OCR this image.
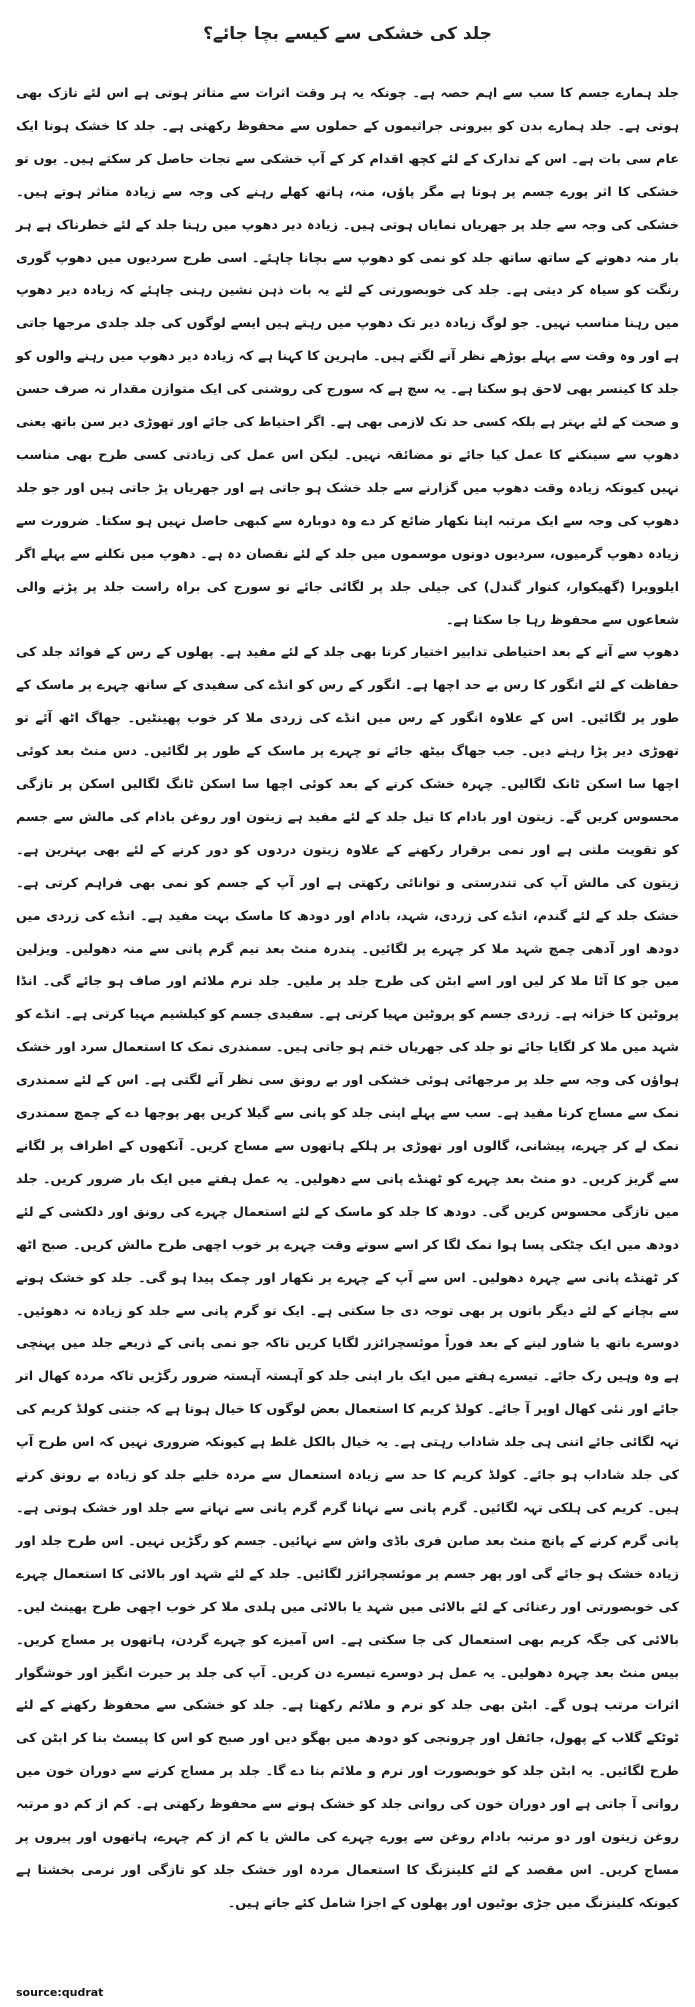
جلد کی خشکی سے کیسے بچا جائے؟

جلد ہمارے جسم کا سب سے اہم حصہ ہے۔ چونکہ یہ ہر وقت اثرات سے متاثر ہوتی ہے اس لئے نازک بھی ہوتی ہے۔ جلد ہمارے بدن کو بیرونی جراثیموں کے حملوں سے محفوظ رکھتی ہے۔ جلد کا خشک ہونا ایک عام سی بات ہے۔ اس کے تدارک کے لئے کچھ اقدام کر کے آپ خشکی سے نجات حاصل کر سکتے ہیں۔ یوں تو خشکی کا اثر پورے جسم پر ہوتا ہے مگر پاؤں، منہ، ہاتھ کھلے رہنے کی وجہ سے زیادہ متاثر ہوتے ہیں۔ خشکی کی وجہ سے جلد پر جھریاں نمایاں ہوتی ہیں۔ زیادہ دیر دھوپ میں رہنا جلد کے لئے خطرناک ہے ہر بار منہ دھونے کے ساتھ ساتھ جلد کو نمی کو دھوپ سے بچانا چاہئے۔ اسی طرح سردیوں میں دھوپ گوری رنگت کو سیاہ کر دیتی ہے۔ جلد کی خوبصورتی کے لئے یہ بات ذہن نشین رہنی چاہئے کہ زیادہ دیر دھوپ میں رہنا مناسب نہیں۔ جو لوگ زیادہ دیر تک دھوپ میں رہتے ہیں ایسے لوگوں کی جلد جلدی مرجھا جاتی ہے اور وہ وقت سے پہلے بوڑھے نظر آنے لگتے ہیں۔ ماہرین کا کہنا ہے کہ زیادہ دیر دھوپ میں رہنے والوں کو جلد کا کینسر بھی لاحق ہو سکتا ہے۔ یہ سچ ہے کہ سورج کی روشنی کی ایک متوازن مقدار نہ صرف حسن و صحت کے لئے بہتر ہے بلکہ کسی حد تک لازمی بھی ہے۔ اگر احتیاط کی جائے اور تھوڑی دیر سن باتھ یعنی دھوپ سے سینکنے کا عمل کیا جائے تو مضائقہ نہیں۔ لیکن اس عمل کی زیادتی کسی طرح بھی مناسب نہیں کیونکہ زیادہ وقت دھوپ میں گزارنے سے جلد خشک ہو جاتی ہے اور جھریاں پڑ جاتی ہیں اور جو جلد دھوپ کی وجہ سے ایک مرتبہ اپنا نکھار ضائع کر دے وہ دوبارہ سے کبھی حاصل نہیں ہو سکتا۔ ضرورت سے زیادہ دھوپ گرمیوں، سردیوں دونوں موسموں میں جلد کے لئے نقصان دہ ہے۔ دھوپ میں نکلنے سے پہلے اگر ایلوویرا (گھیکوار، کنوار گندل) کی جیلی جلد پر لگائی جائے تو سورج کی براہ راست جلد پر پڑنے والی شعاعوں سے محفوظ رہا جا سکتا ہے۔

دھوپ سے آنے کے بعد احتیاطی تدابیر اختیار کرنا بھی جلد کے لئے مفید ہے۔ پھلوں کے رس کے فوائد جلد کی حفاظت کے لئے انگور کا رس بے حد اچھا ہے۔ انگور کے رس کو انڈے کی سفیدی کے ساتھ چہرے پر ماسک کے طور پر لگائیں۔ اس کے علاوہ انگور کے رس میں انڈے کی زردی ملا کر خوب پھینٹیں۔ جھاگ اٹھ آئے تو تھوڑی دیر پڑا رہنے دیں۔ جب جھاگ بیٹھ جائے تو چہرے پر ماسک کے طور پر لگائیں۔ دس منٹ بعد کوئی اچھا سا اسکن ٹانک لگالیں۔ چہرہ خشک کرنے کے بعد کوئی اچھا سا اسکن ٹانگ لگالیں اسکن پر تازگی محسوس کریں گے۔ زیتون اور بادام کا تیل جلد کے لئے مفید ہے زیتون اور روغن بادام کی مالش سے جسم کو تقویت ملتی ہے اور نمی برقرار رکھنے کے علاوہ زیتون دردوں کو دور کرنے کے لئے بھی بہترین ہے۔ زیتون کی مالش آپ کی تندرستی و توانائی رکھتی ہے اور آپ کے جسم کو نمی بھی فراہم کرتی ہے۔ خشک جلد کے لئے گندم، انڈے کی زردی، شہد، بادام اور دودھ کا ماسک بہت مفید ہے۔ انڈے کی زردی میں دودھ اور آدھی چمچ شہد ملا کر چہرے پر لگائیں۔ پندرہ منٹ بعد نیم گرم پانی سے منہ دھولیں۔ ویزلین میں جو کا آٹا ملا کر لیں اور اسے ابٹن کی طرح جلد پر ملیں۔ جلد نرم ملائم اور صاف ہو جائے گی۔ انڈا پروٹین کا خزانہ ہے۔ زردی جسم کو پروٹین مہیا کرتی ہے۔ سفیدی جسم کو کیلشیم مہیا کرتی ہے۔ انڈے کو شہد میں ملا کر لگایا جائے تو جلد کی جھریاں ختم ہو جاتی ہیں۔ سمندری نمک کا استعمال سرد اور خشک ہواؤں کی وجہ سے جلد پر مرجھائی ہوئی خشکی اور بے رونق سی نظر آنے لگتی ہے۔ اس کے لئے سمندری نمک سے مساج کرنا مفید ہے۔ سب سے پہلے اپنی جلد کو پانی سے گیلا کریں پھر پوچھا دے کے چمچ سمندری نمک لے کر چہرے، پیشانی، گالوں اور تھوڑی پر ہلکے ہاتھوں سے مساج کریں۔ آنکھوں کے اطراف پر لگانے سے گریز کریں۔ دو منٹ بعد چہرے کو ٹھنڈے پانی سے دھولیں۔ یہ عمل ہفتے میں ایک بار ضرور کریں۔ جلد میں تازگی محسوس کریں گی۔ دودھ کا جلد کو ماسک کے لئے استعمال چہرے کی رونق اور دلکشی کے لئے دودھ میں ایک چٹکی پسا ہوا نمک لگا کر اسے سوتے وقت چہرے پر خوب اچھی طرح مالش کریں۔ صبح اٹھ کر ٹھنڈے پانی سے چہرہ دھولیں۔ اس سے آپ کے چہرے پر نکھار اور چمک پیدا ہو گی۔ جلد کو خشک ہونے سے بچانے کے لئے دیگر باتوں پر بھی توجہ دی جا سکتی ہے۔ ایک تو گرم پانی سے جلد کو زیادہ نہ دھوئیں۔ دوسرے باتھ یا شاور لینے کے بعد فوراً موئسچرائزر لگایا کریں تاکہ جو نمی پانی کے ذریعے جلد میں پہنچی ہے وہ وہیں رک جائے۔ تیسرے ہفتے میں ایک بار اپنی جلد کو آہستہ آہستہ ضرور رگڑیں تاکہ مردہ کھال اتر جائے اور نئی کھال اوپر آ جائے۔ کولڈ کریم کا استعمال بعض لوگوں کا خیال ہوتا ہے کہ جتنی کولڈ کریم کی تہہ لگائی جائے اتنی ہی جلد شاداب رہتی ہے۔ یہ خیال بالکل غلط ہے کیونکہ ضروری نہیں کہ اس طرح آپ کی جلد شاداب ہو جائے۔ کولڈ کریم کا حد سے زیادہ استعمال سے مردہ خلیے جلد کو زیادہ بے رونق کرتے ہیں۔ کریم کی ہلکی تہہ لگائیں۔ گرم پانی سے نہانا گرم گرم پانی سے نہانے سے جلد اور خشک ہوتی ہے۔ پانی گرم کرنے کے پانچ منٹ بعد صابن فری باڈی واش سے نہائیں۔ جسم کو رگڑیں نہیں۔ اس طرح جلد اور زیادہ خشک ہو جائے گی اور پھر جسم پر موئسچرائزر لگائیں۔ جلد کے لئے شہد اور بالائی کا استعمال چہرے کی خوبصورتی اور رعنائی کے لئے بالائی میں شہد یا بالائی میں ہلدی ملا کر خوب اچھی طرح پھینٹ لیں۔ بالائی کی جگہ کریم بھی استعمال کی جا سکتی ہے۔ اس آمیزے کو چہرے گردن، ہاتھوں پر مساج کریں۔ بیس منٹ بعد چہرہ دھولیں۔ یہ عمل ہر دوسرے تیسرے دن کریں۔ آپ کی جلد پر حیرت انگیز اور خوشگوار اثرات مرتب ہوں گے۔ ابٹن بھی جلد کو نرم و ملائم رکھتا ہے۔ جلد کو خشکی سے محفوظ رکھنے کے لئے ٹوٹکے گلاب کے پھول، جائفل اور چرونجی کو دودھ میں بھگو دیں اور صبح کو اس کا پیسٹ بنا کر ابٹن کی طرح لگائیں۔ یہ ابٹن جلد کو خوبصورت اور نرم و ملائم بنا دے گا۔ جلد پر مساج کرنے سے دوران خون میں روانی آ جاتی ہے اور دوران خون کی روانی جلد کو خشک ہونے سے محفوظ رکھتی ہے۔ کم از کم دو مرتبہ روغن زیتون اور دو مرتبہ بادام روغن سے پورے چہرے کی مالش یا کم از کم چہرے، ہاتھوں اور پیروں پر مساج کریں۔ اس مقصد کے لئے کلینزنگ کا استعمال مردہ اور خشک جلد کو تازگی اور نرمی بخشتا ہے کیونکہ کلینزنگ میں جڑی بوٹیوں اور پھلوں کے اجزا شامل کئے جاتے ہیں۔

source:qudrat
